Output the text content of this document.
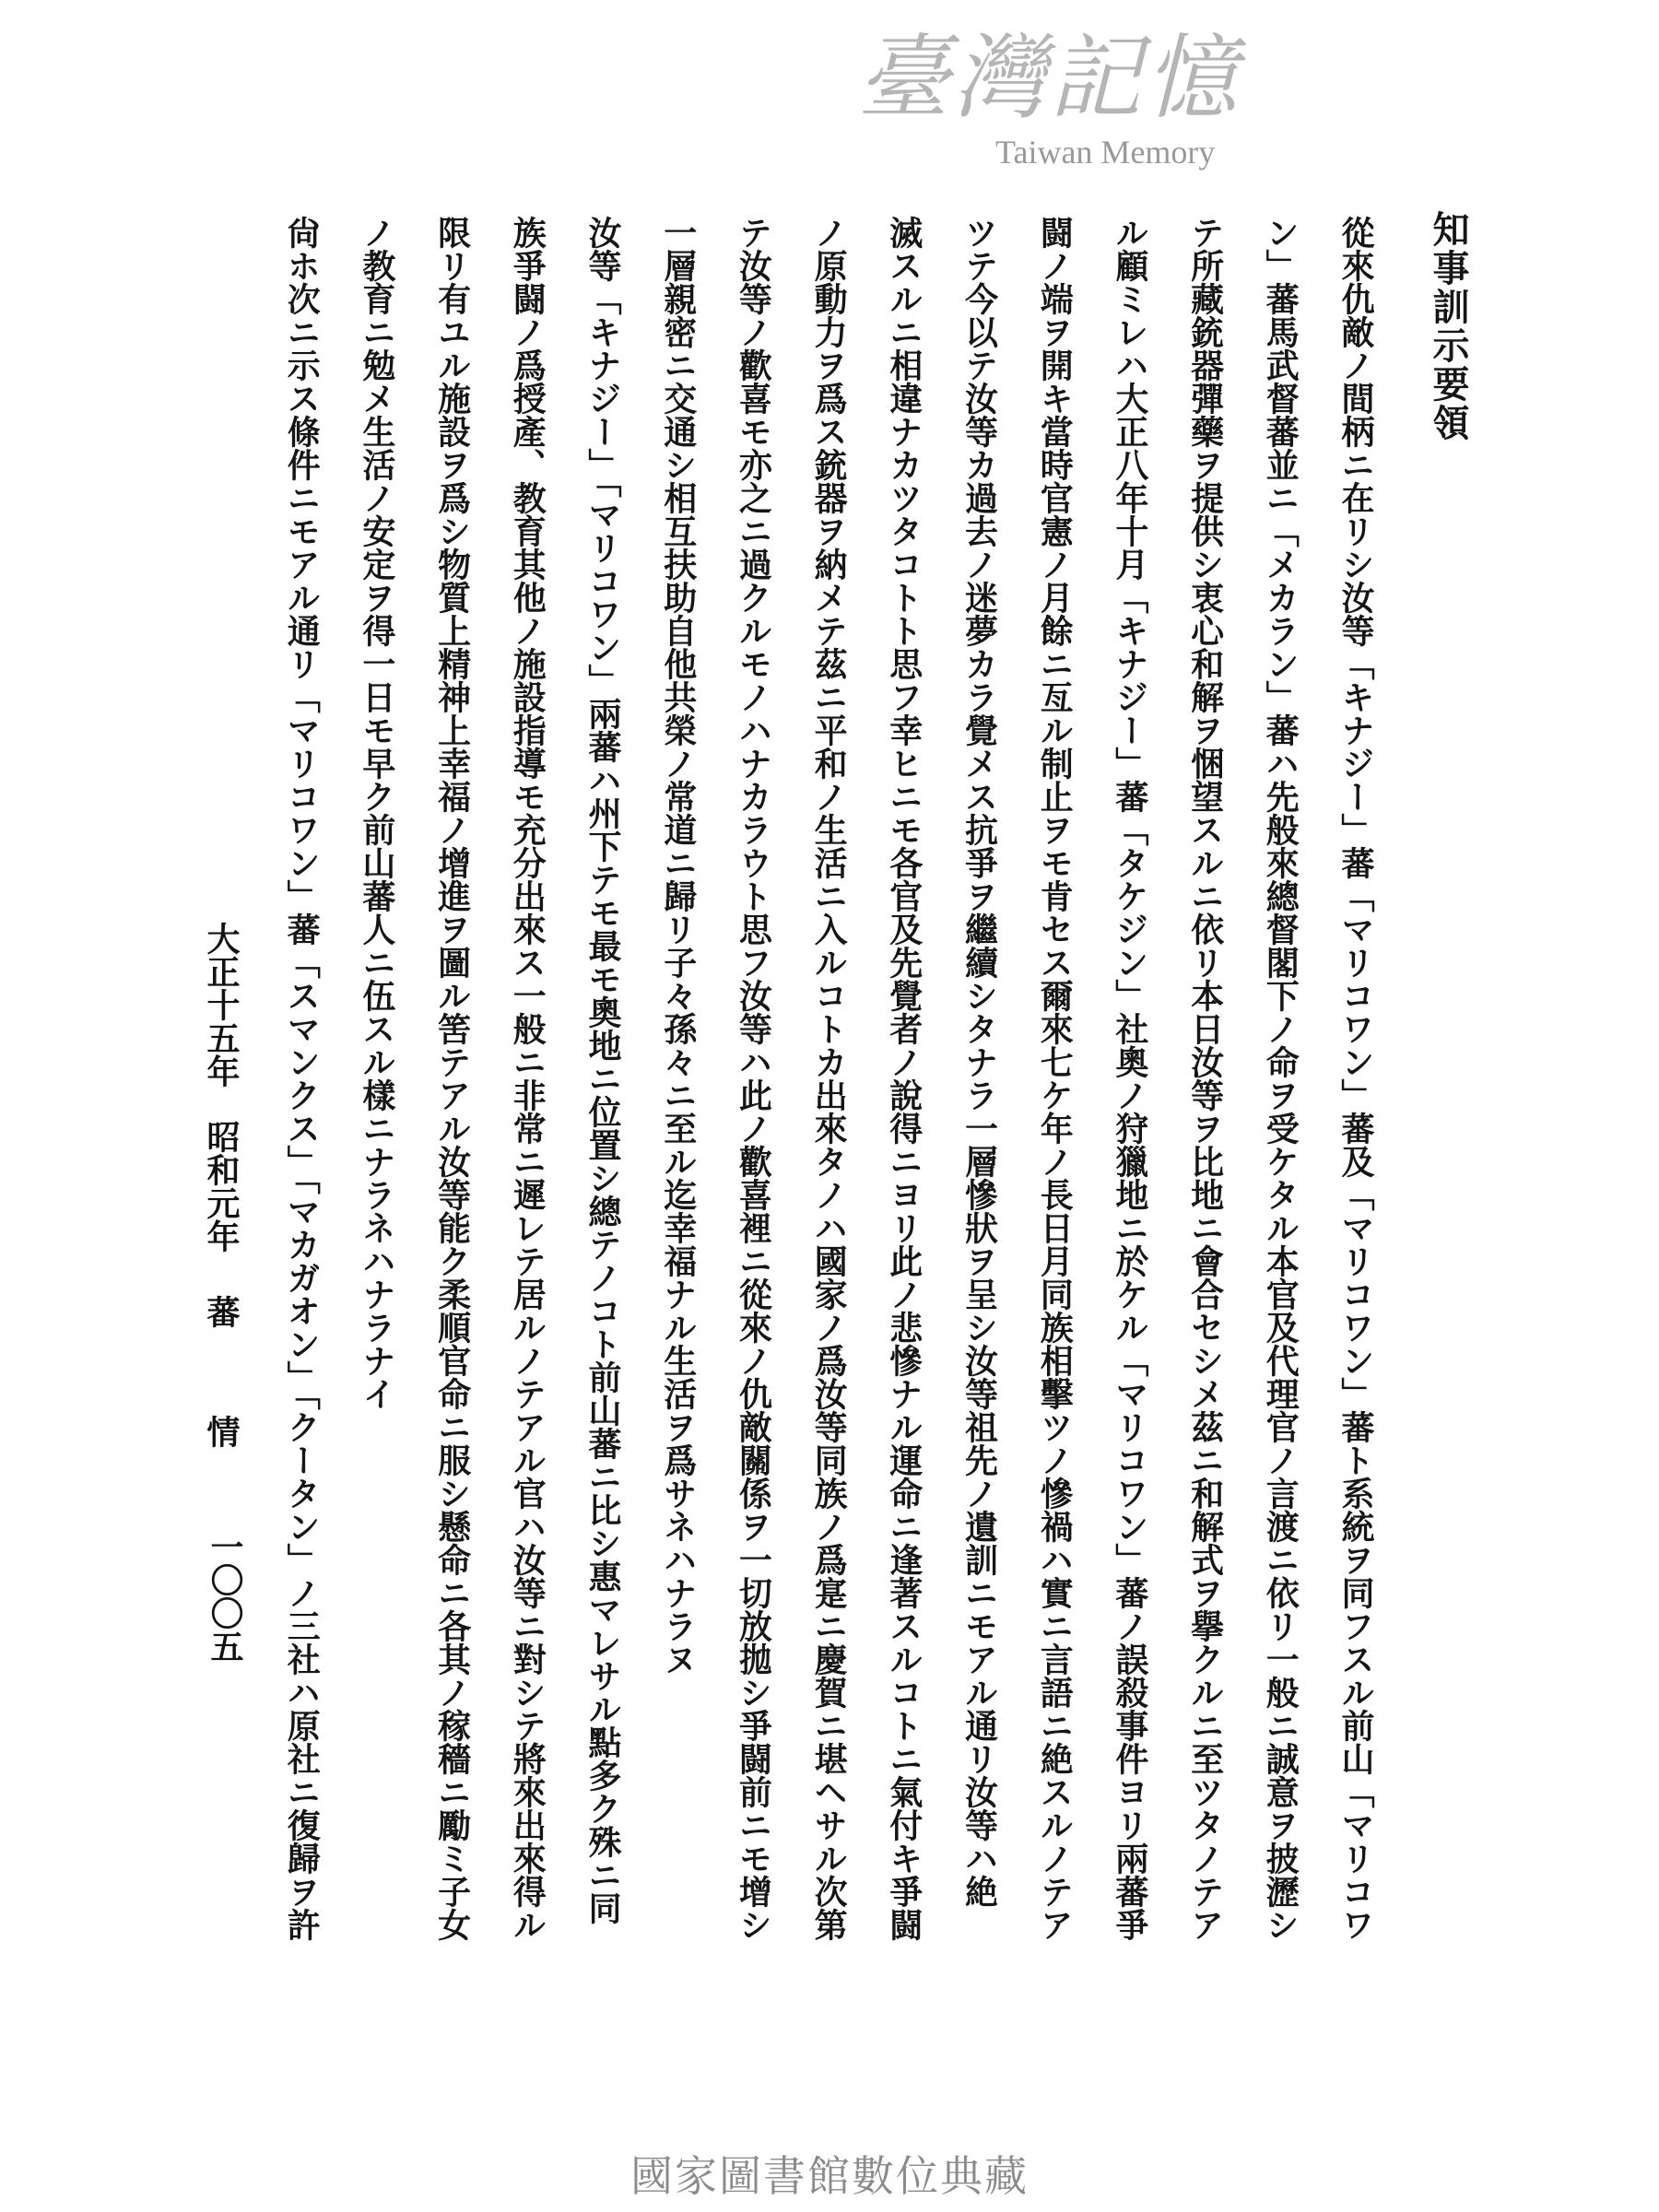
知事訓示要領
從來仇敵ノ間柄ニ在リシ汝等「キナジー」蕃「マリコワン」蕃及「マリコワン」蕃ト系統ヲ同フスル前山「マリコワ
ン」蕃馬武督蕃並ニ「メカラン」蕃ハ先般來總督閣下ノ命ヲ受ケタル本官及代理官ノ言渡ニ依リ一般ニ誠意ヲ披瀝シ
テ所藏銃器彈藥ヲ提供シ衷心和解ヲ悃望スルニ依リ本日汝等ヲ比地ニ會合セシメ茲ニ和解式ヲ擧クルニ至ツタノテア
ル顧ミレハ大正八年十月「キナジー」蕃「タケジン」社奧ノ狩獵地ニ於ケル「マリコワン」蕃ノ誤殺事件ヨリ兩蕃爭
闘ノ端ヲ開キ當時官憲ノ月餘ニ亙ル制止ヲモ肯セス爾來七ケ年ノ長日月同族相擊ツノ慘禍ハ實ニ言語ニ絶スルノテア
ツテ今以テ汝等カ過去ノ迷夢カラ覺メス抗爭ヲ繼續シタナラ一層慘狀ヲ呈シ汝等祖先ノ遺訓ニモアル通リ汝等ハ絶
滅スルニ相違ナカツタコトト思フ幸ヒニモ各官及先覺者ノ說得ニヨリ此ノ悲慘ナル運命ニ逢著スルコトニ氣付キ爭闘
ノ原動力ヲ爲ス銃器ヲ納メテ茲ニ平和ノ生活ニ入ルコトカ出來タノハ國家ノ爲汝等同族ノ爲寔ニ慶賀ニ堪ヘサル次第
テ汝等ノ歡喜モ亦之ニ過クルモノハナカラウト思フ汝等ハ此ノ歡喜裡ニ從來ノ仇敵關係ヲ一切放拋シ爭闘前ニモ增シ
一層親密ニ交通シ相互扶助自他共榮ノ常道ニ歸リ子々孫々ニ至ル迄幸福ナル生活ヲ爲サネハナラヌ
汝等「キナジー」「マリコワン」兩蕃ハ州下テモ最モ奧地ニ位置シ總テノコト前山蕃ニ比シ惠マレサル點多ク殊ニ同
族爭闘ノ爲授產、教育其他ノ施設指導モ充分出來ス一般ニ非常ニ遲レテ居ルノテアル官ハ汝等ニ對シテ將來出來得ル
限リ有ユル施設ヲ爲シ物質上精神上幸福ノ增進ヲ圖ル筈テアル汝等能ク柔順官命ニ服シ懸命ニ各其ノ稼穡ニ勵ミ子女
ノ教育ニ勉メ生活ノ安定ヲ得一日モ早ク前山蕃人ニ伍スル樣ニナラネハナラナイ
尙ホ次ニ示ス條件ニモアル通リ「マリコワン」蕃「スマンクス」「マカガオン」「クータン」ノ三社ハ原社ニ復歸ヲ許
大正十五年
昭和元年
蕃
情
一〇〇五
臺灣記憶
Taiwan Memory
國家圖書館數位典藏
